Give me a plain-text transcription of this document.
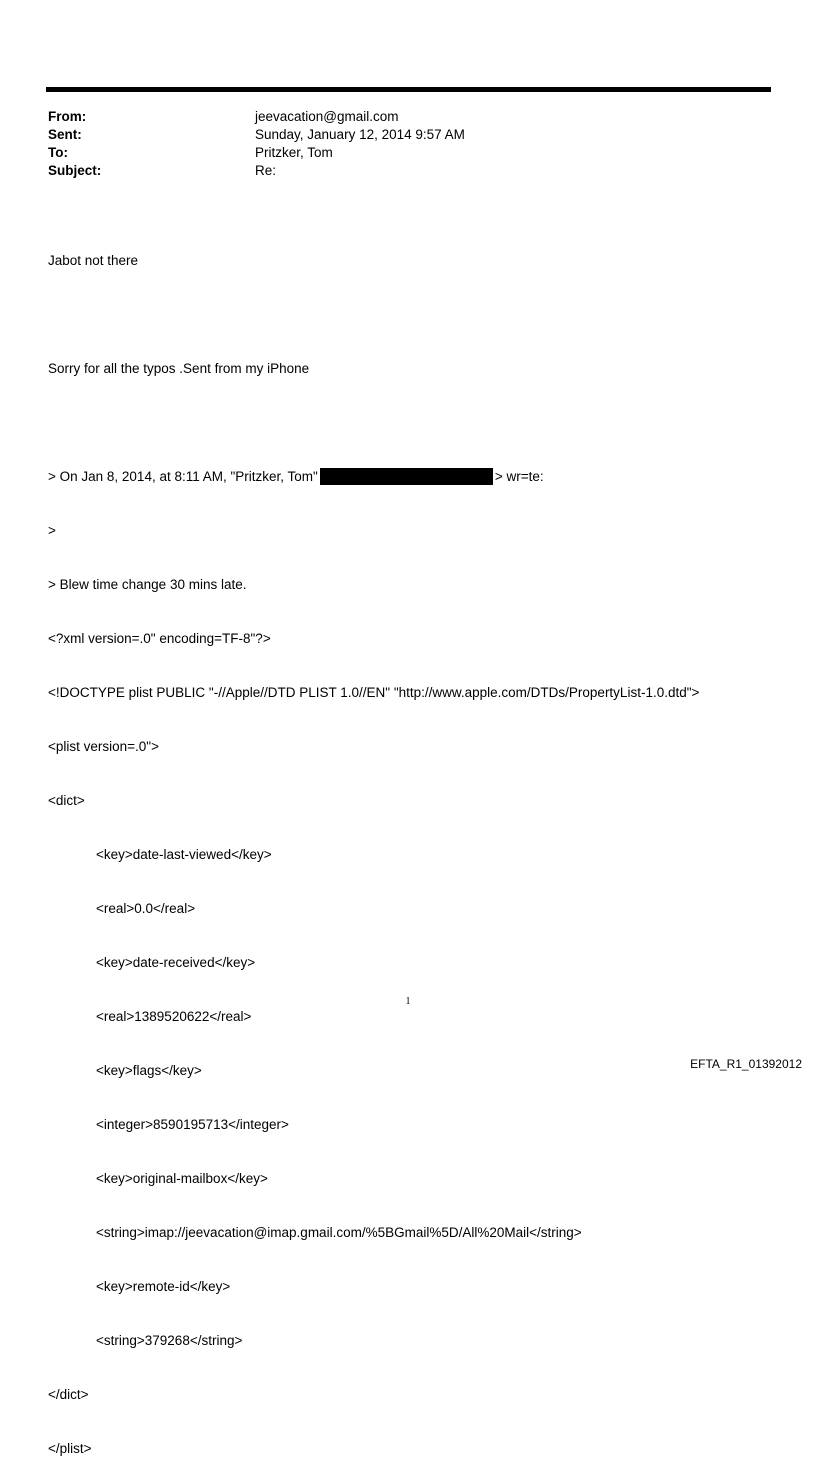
From:	jeevacation@gmail.com
Sent:	Sunday, January 12, 2014 9:57 AM
To:	Pritzker, Tom
Subject:	Re:

Jabot not there

Sorry for all the typos .Sent from my iPhone

> On Jan 8, 2014, at 8:11 AM, "Pritzker, Tom"	> wr=te:

>

> Blew time change 30 mins late.

<?xml version=.0" encoding=TF-8"?>

<!DOCTYPE plist PUBLIC "-//Apple//DTD PLIST 1.0//EN" "http://www.apple.com/DTDs/PropertyList-1.0.dtd">

<plist version=.0">

<dict>

<key>date-last-viewed</key>

<real>0.0</real>

<key>date-received</key>

<real>1389520622</real>

<key>flags</key>

<integer>8590195713</integer>

<key>original-mailbox</key>

<string>imap://jeevacation@imap.gmail.com/%5BGmail%5D/All%20Mail</string>

<key>remote-id</key>

<string>379268</string>

</dict>

</plist>

1
EFTA_R1_01392012
